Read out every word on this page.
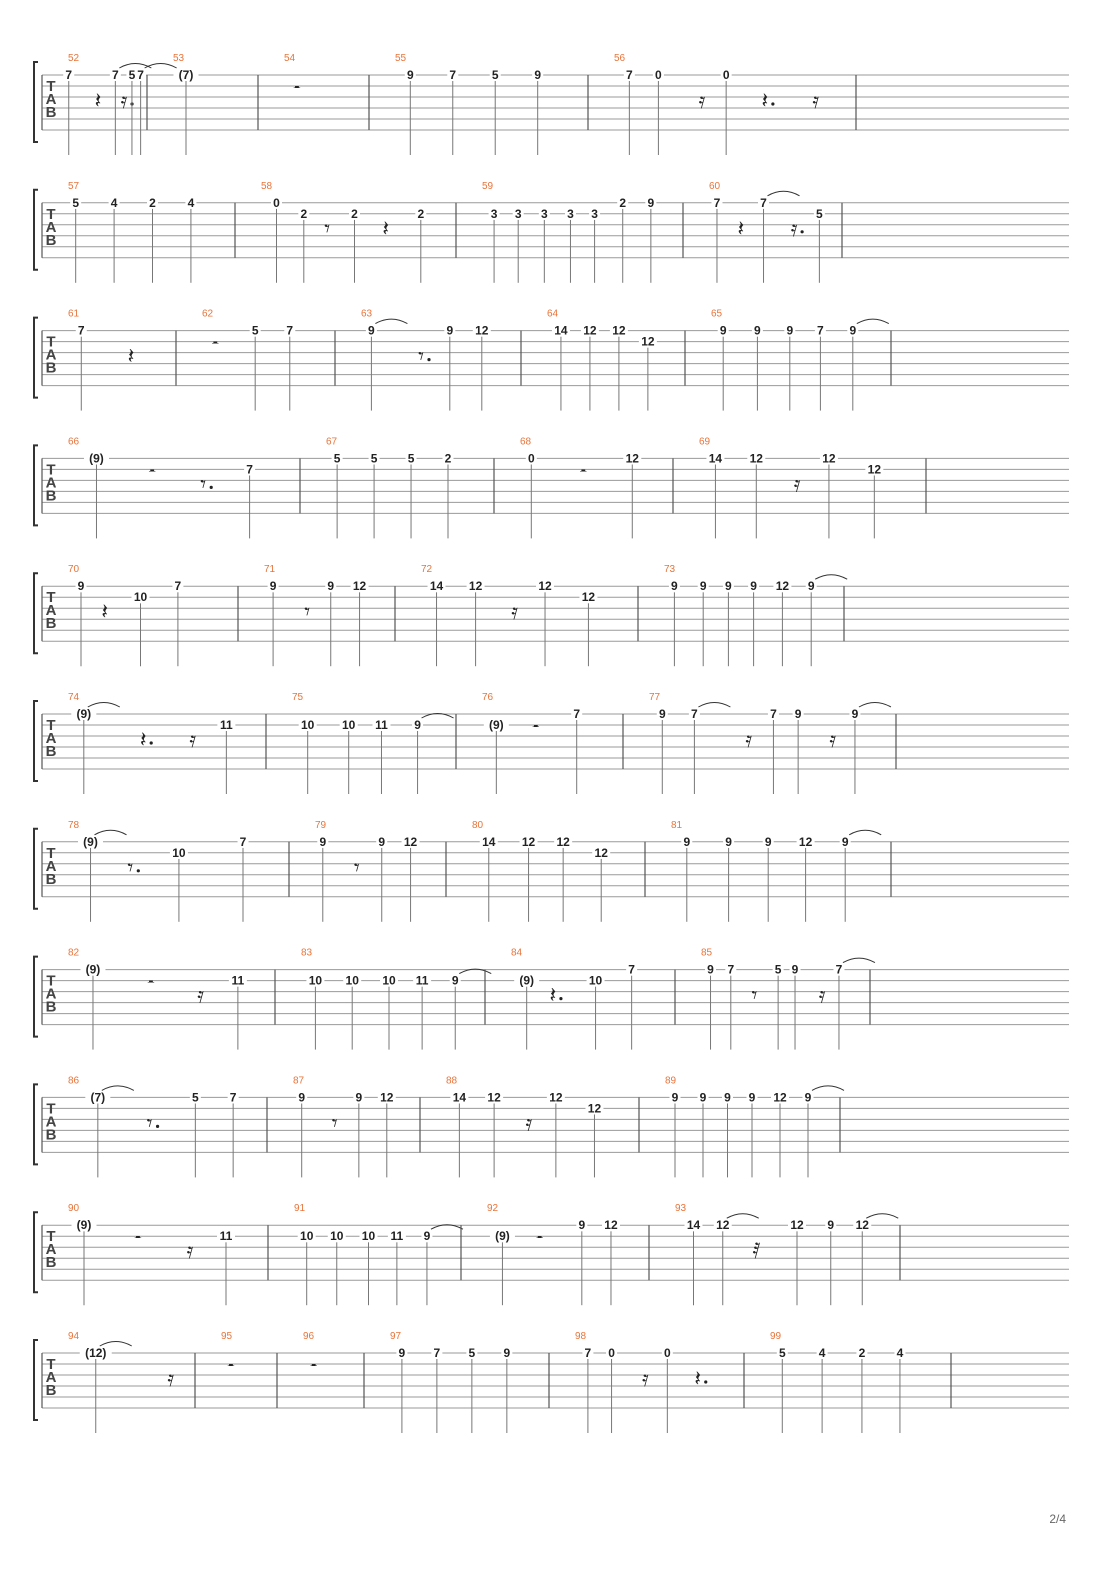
T
A
B
52
7
𝄽
7
𝄿
5 7
53
(7)
54
𝄼
55
9	7	5	9
56
7 0
𝄿
0
𝄽 𝄿
T
A
B
57
5	4	2	4
58
0
2
𝄾
2
𝄽
2
59
3 3 3 3 3
2 9
60
7
𝄽
7
𝄿
5
T
A
B
61
7
𝄽
62
𝄼
5 7
63
9
𝄾
9 12
64
14 12 12
12
65
9 9 9 7 9
T
A
B
66
(9)
𝄼 𝄾
7
67
5	5	5	2
68
0
𝄼
12
69
14 12
𝄿
12
12
T
A
B
70
9
𝄽
10
7
71
9
𝄾
9 12
72
14 12
𝄿
12
12
73
9 9 9 9 12 9
T
A
B
74
(9)
𝄽 𝄿
11
75
10 10 11 9
76
(9) 𝄼
7
77
9 7
𝄿
7 9
𝄿
9
T
A
B
78
(9)
𝄾
10
7
79
9
𝄾
9 12
80
14 12 12
12
81
9	9	9 12 9
T
A
B
82
(9)
𝄼 𝄿
11
83
10 10 10 11 9
84
(9)
𝄽
10
7
85
9 7
𝄾
5 9
𝄿
7
T
A
B
86
(7)
𝄾
5	7
87
9
𝄾
9 12
88
14 12
𝄿
12
12
89
9 9 9 9 12 9
T
A
B
90
(9)
𝄼 𝄿
11
91
10 10 10 11 9
92
(9) 𝄼
9 12
93
14 12
𝅀
12 9 12
T
A
B
94
(12)
𝄿
95
𝄼
96
𝄼
97
9 7 5 9
98
7 0
𝄿
0
𝄽
99
5	4	2	4
2/4
